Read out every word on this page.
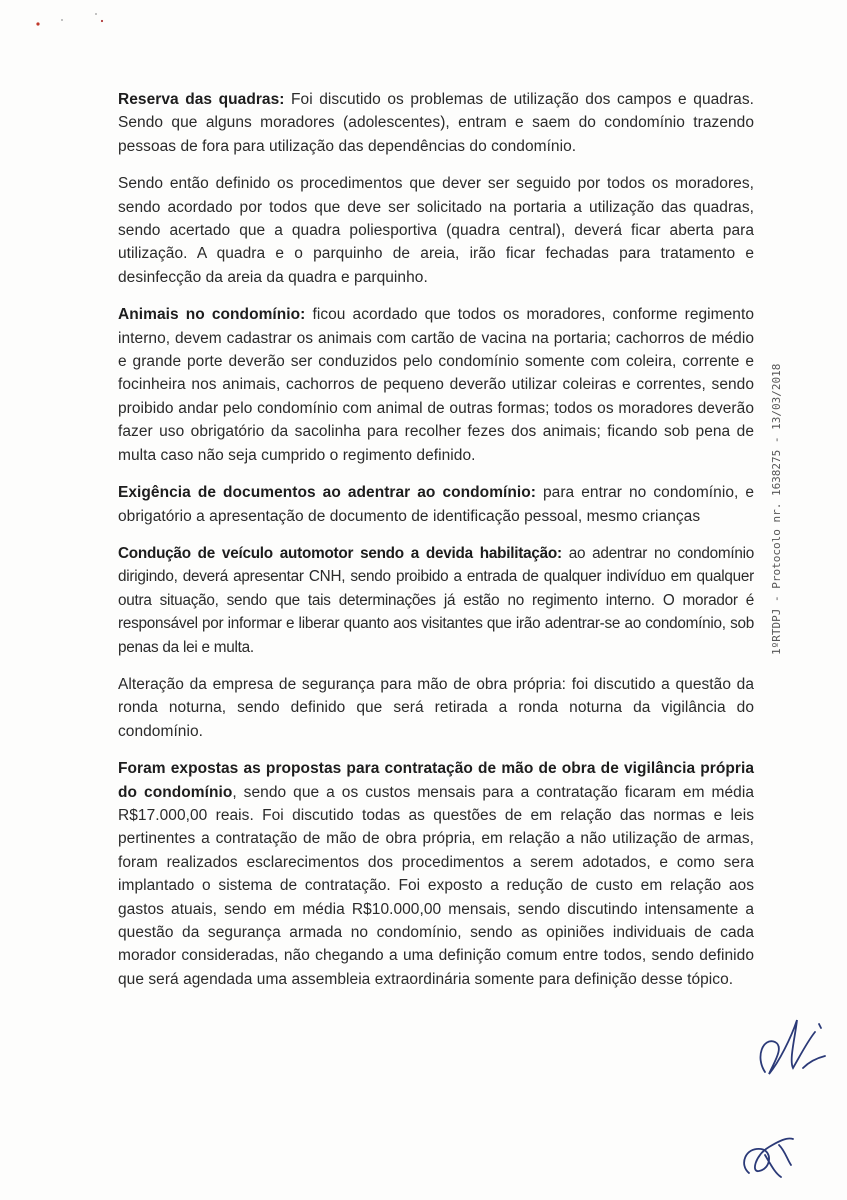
Reserva das quadras: Foi discutido os problemas de utilização dos campos e quadras. Sendo que alguns moradores (adolescentes), entram e saem do condomínio trazendo pessoas de fora para utilização das dependências do condomínio.

Sendo então definido os procedimentos que dever ser seguido por todos os moradores, sendo acordado por todos que deve ser solicitado na portaria a utilização das quadras, sendo acertado que a quadra poliesportiva (quadra central), deverá ficar aberta para utilização. A quadra e o parquinho de areia, irão ficar fechadas para tratamento e desinfecção da areia da quadra e parquinho.

Animais no condomínio: ficou acordado que todos os moradores, conforme regimento interno, devem cadastrar os animais com cartão de vacina na portaria; cachorros de médio e grande porte deverão ser conduzidos pelo condomínio somente com coleira, corrente e focinheira nos animais, cachorros de pequeno deverão utilizar coleiras e correntes, sendo proibido andar pelo condomínio com animal de outras formas; todos os moradores deverão fazer uso obrigatório da sacolinha para recolher fezes dos animais; ficando sob pena de multa caso não seja cumprido o regimento definido.

Exigência de documentos ao adentrar ao condomínio: para entrar no condomínio, e obrigatório a apresentação de documento de identificação pessoal, mesmo crianças

Condução de veículo automotor sendo a devida habilitação: ao adentrar no condomínio dirigindo, deverá apresentar CNH, sendo proibido a entrada de qualquer indivíduo em qualquer outra situação, sendo que tais determinações já estão no regimento interno. O morador é responsável por informar e liberar quanto aos visitantes que irão adentrar-se ao condomínio, sob penas da lei e multa.

Alteração da empresa de segurança para mão de obra própria: foi discutido a questão da ronda noturna, sendo definido que será retirada a ronda noturna da vigilância do condomínio.

Foram expostas as propostas para contratação de mão de obra de vigilância própria do condomínio, sendo que a os custos mensais para a contratação ficaram em média R$17.000,00 reais. Foi discutido todas as questões de em relação das normas e leis pertinentes a contratação de mão de obra própria, em relação a não utilização de armas, foram realizados esclarecimentos dos procedimentos a serem adotados, e como sera implantado o sistema de contratação. Foi exposto a redução de custo em relação aos gastos atuais, sendo em média R$10.000,00 mensais, sendo discutindo intensamente a questão da segurança armada no condomínio, sendo as opiniões individuais de cada morador consideradas, não chegando a uma definição comum entre todos, sendo definido que será agendada uma assembleia extraordinária somente para definição desse tópico.

1ºRTDPJ - Protocolo nr. 1638275 - 13/03/2018
